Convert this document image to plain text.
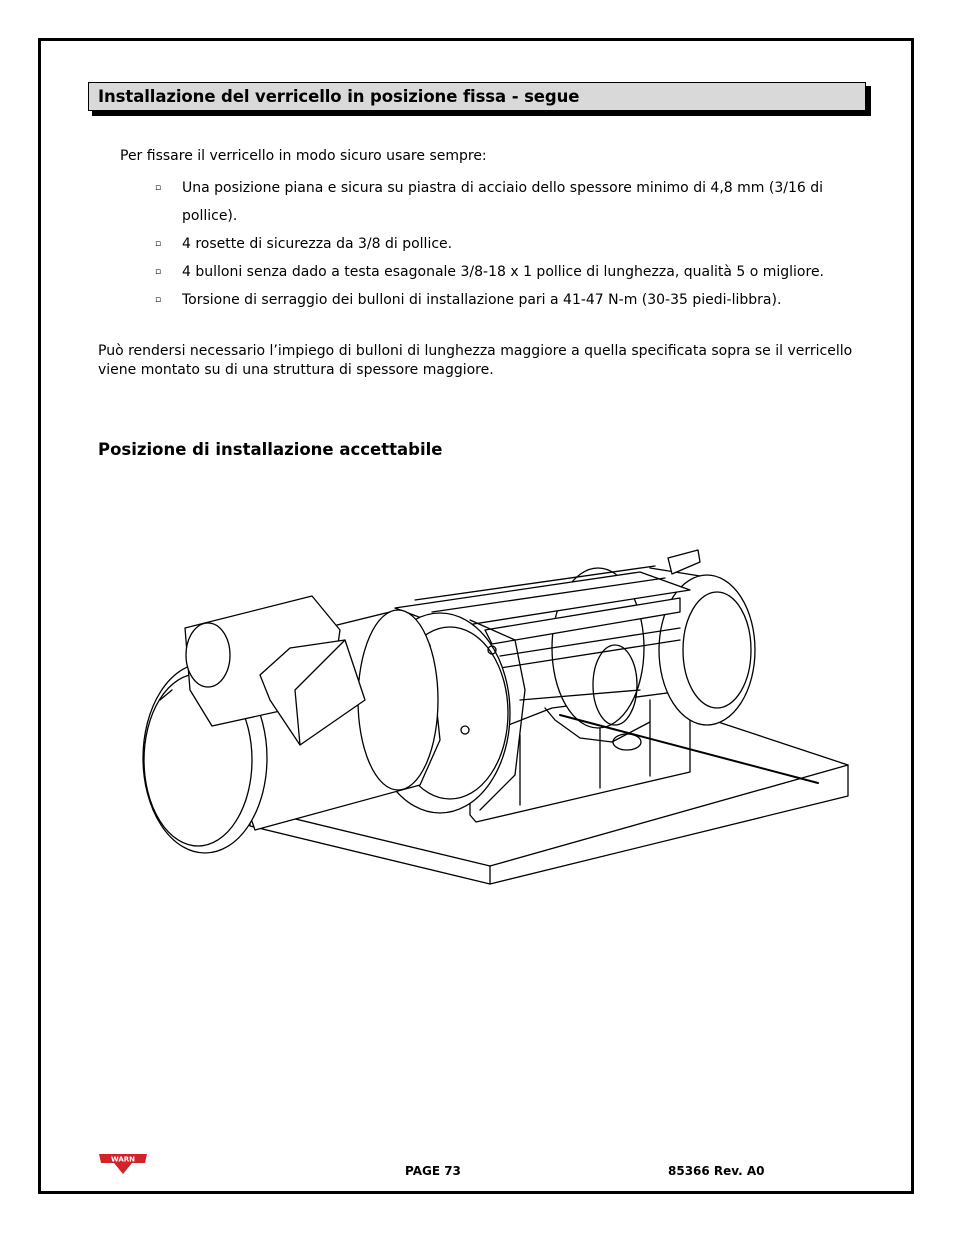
Installazione del verricello in posizione fissa - segue
Per fissare il verricello in modo sicuro usare sempre:
▫ Una posizione piana e sicura su piastra di acciaio dello spessore minimo di 4,8 mm (3/16 di pollice).
▫ 4 rosette di sicurezza da 3/8 di pollice.
▫ 4 bulloni senza dado a testa esagonale 3/8-18 x 1 pollice di lunghezza, qualità 5 o migliore.
▫ Torsione di serraggio dei bulloni di installazione pari a 41-47 N-m (30-35 piedi-libbra).

Può rendersi necessario l’impiego di bulloni di lunghezza maggiore a quella specificata sopra se il verricello viene montato su di una struttura di spessore maggiore.

Posizione di installazione accettabile
WARN
PAGE 73	85366 Rev. A0
